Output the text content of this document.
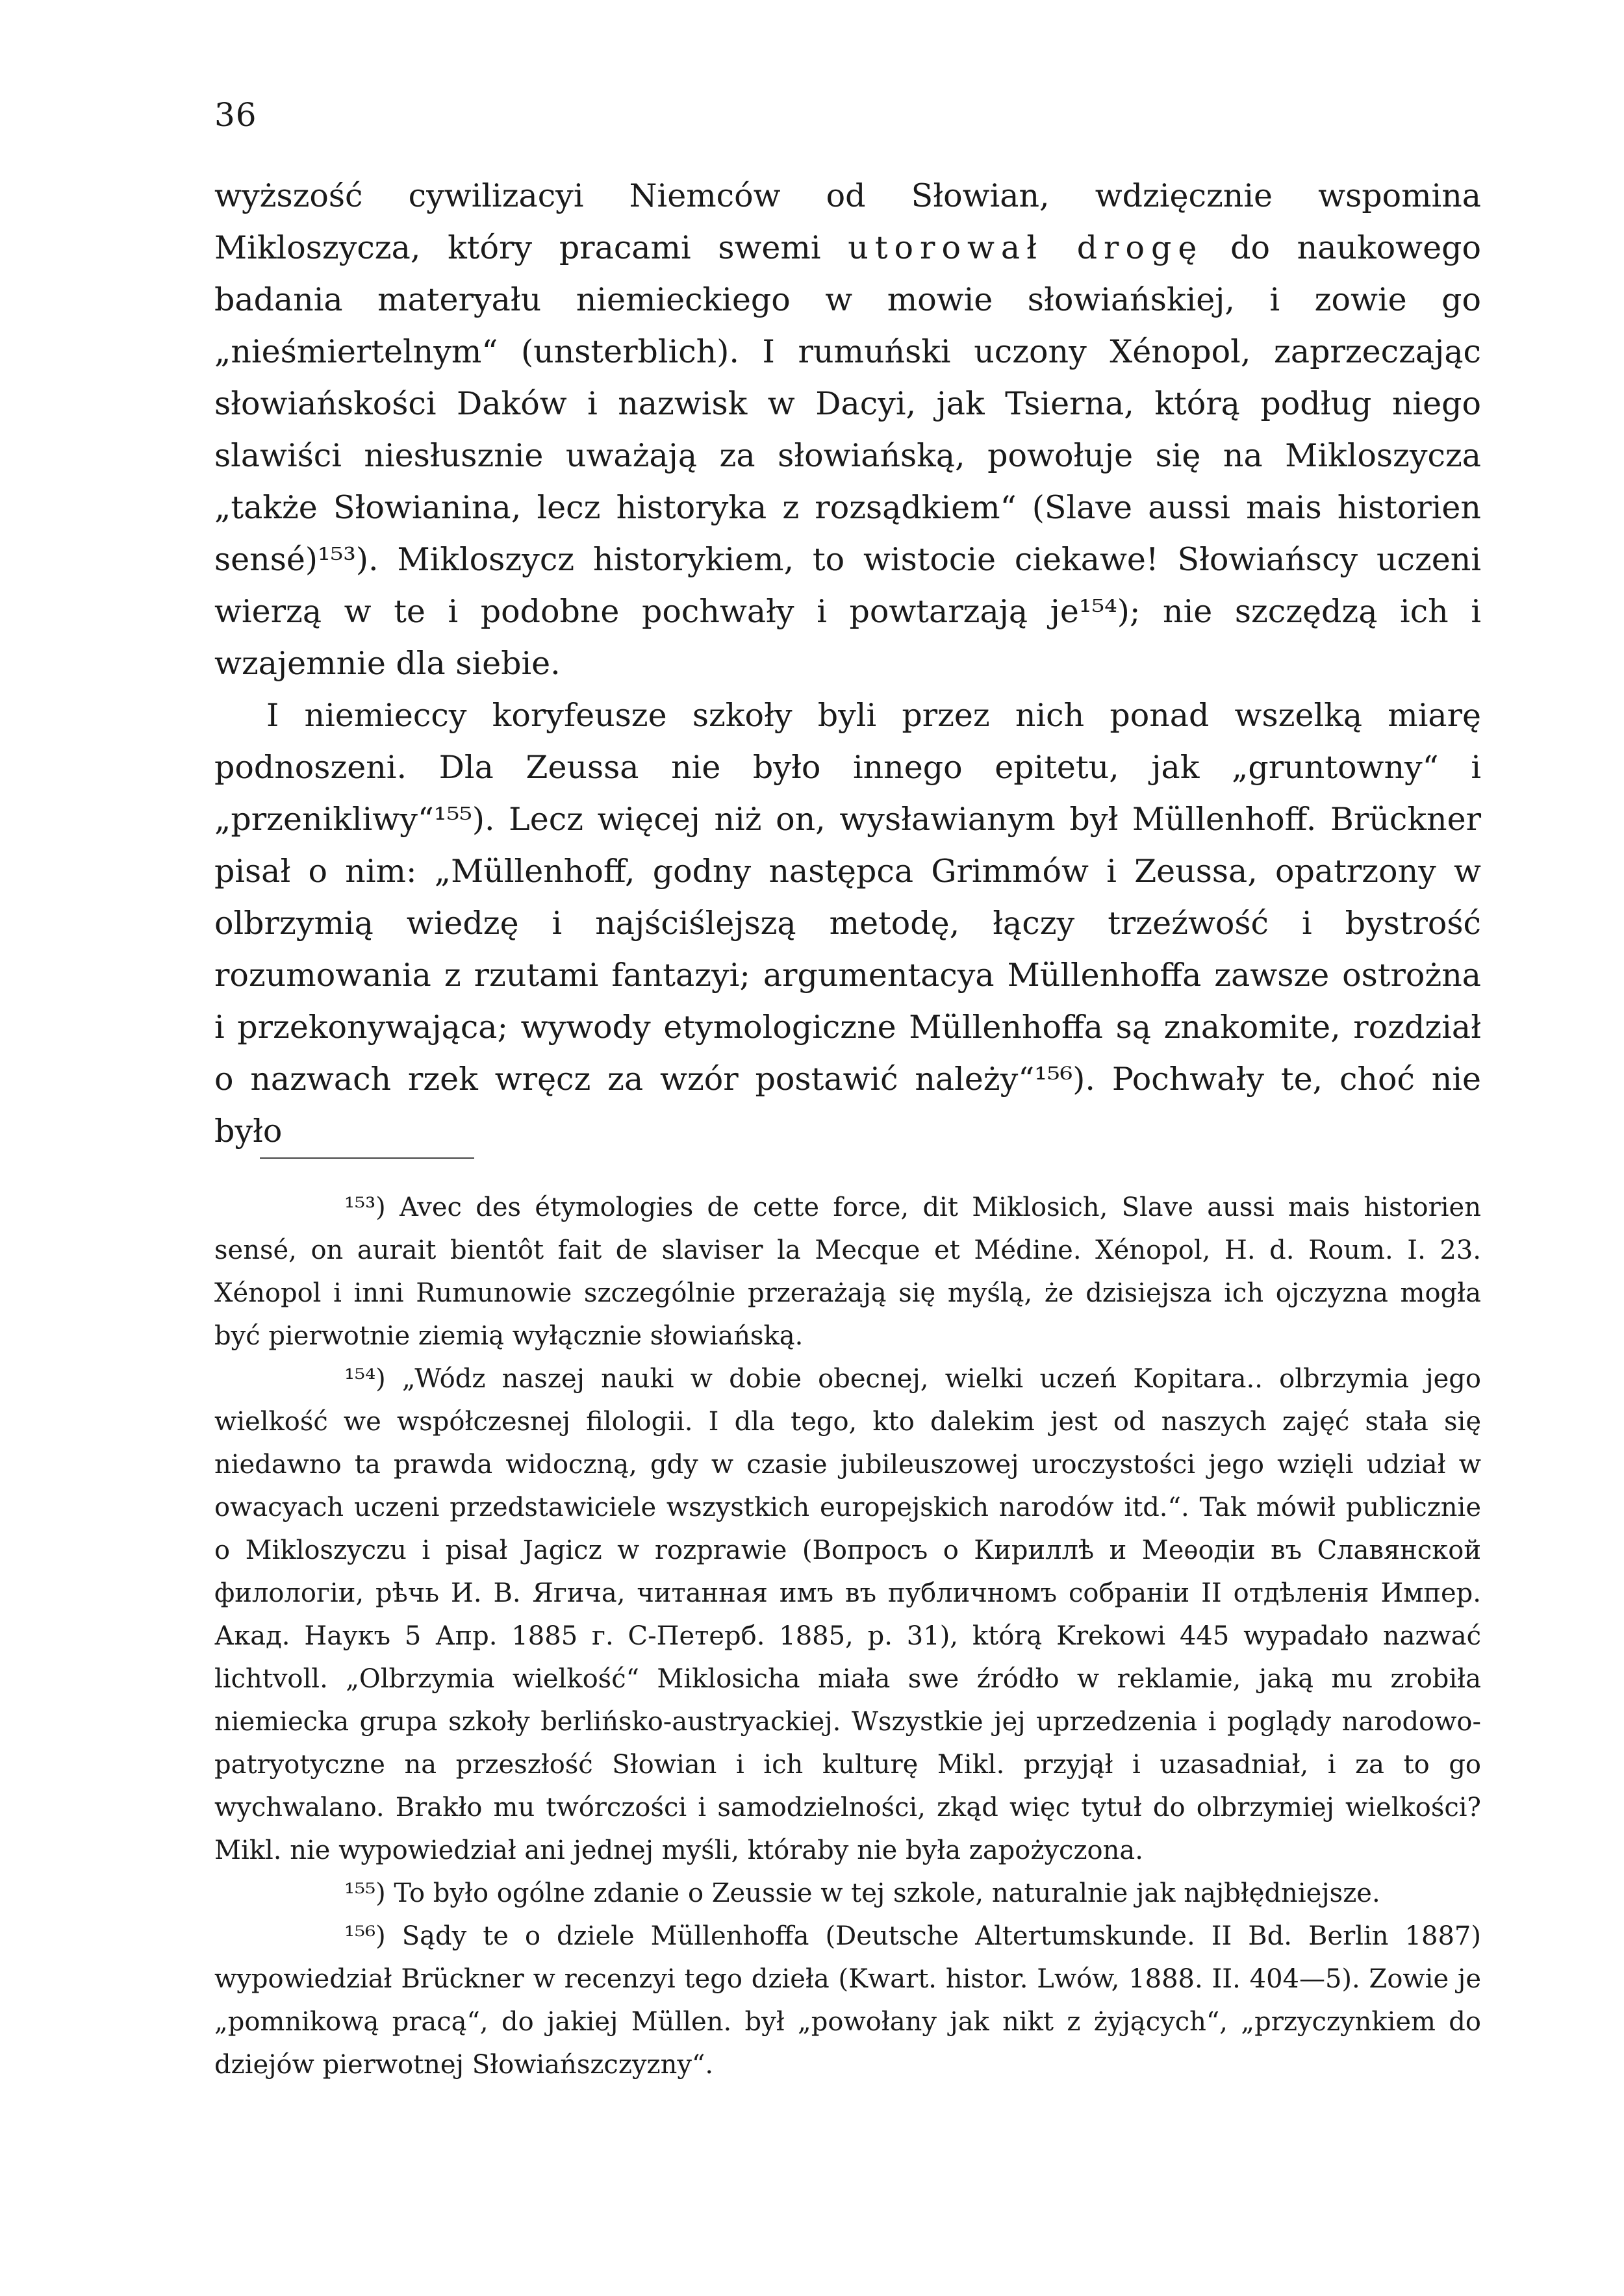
36

wyższość cywilizacyi Niemców od Słowian, wdzięcznie wspomina Mikloszycza, który pracami swemi utorował drogę do naukowego badania materyału niemieckiego w mowie słowiańskiej, i zowie go „nieśmiertelnym“ (unsterblich). I rumuński uczony Xénopol, zaprzeczając słowiańskości Daków i nazwisk w Dacyi, jak Tsierna, którą podług niego slawiści niesłusznie uważają za słowiańską, powołuje się na Mikloszycza „także Słowianina, lecz historyka z rozsądkiem“ (Slave aussi mais historien sensé)¹⁵³). Mikloszycz historykiem, to wistocie ciekawe! Słowiańscy uczeni wierzą w te i podobne pochwały i powtarzają je¹⁵⁴); nie szczędzą ich i wzajemnie dla siebie.

I niemieccy koryfeusze szkoły byli przez nich ponad wszelką miarę podnoszeni. Dla Zeussa nie było innego epitetu, jak „gruntowny“ i „przenikliwy“¹⁵⁵). Lecz więcej niż on, wysławianym był Müllenhoff. Brückner pisał o nim: „Müllenhoff, godny następca Grimmów i Zeussa, opatrzony w olbrzymią wiedzę i najściślejszą metodę, łączy trzeźwość i bystrość rozumowania z rzutami fantazyi; argumentacya Müllenhoffa zawsze ostrożna i przekonywająca; wywody etymologiczne Müllenhoffa są znakomite, rozdział o nazwach rzek wręcz za wzór postawić należy“¹⁵⁶). Pochwały te, choć nie było

¹⁵³) Avec des étymologies de cette force, dit Miklosich, Slave aussi mais historien sensé, on aurait bientôt fait de slaviser la Mecque et Médine. Xénopol, H. d. Roum. I. 23. Xénopol i inni Rumunowie szczególnie przerażają się myślą, że dzisiejsza ich ojczyzna mogła być pierwotnie ziemią wyłącznie słowiańską.

¹⁵⁴) „Wódz naszej nauki w dobie obecnej, wielki uczeń Kopitara.. olbrzymia jego wielkość we współczesnej filologii. I dla tego, kto dalekim jest od naszych zajęć stała się niedawno ta prawda widoczną, gdy w czasie jubileuszowej uroczystości jego wzięli udział w owacyach uczeni przedstawiciele wszystkich europejskich narodów itd.“. Tak mówił publicznie o Mikloszyczu i pisał Jagicz w rozprawie (Вопросъ о Кириллѣ и Меѳодіи въ Славянской филологіи, рѣчь И. В. Ягича, читанная имъ въ публичномъ собраніи II отдѣленія Импер. Акад. Наукъ 5 Апр. 1885 г. С-Петерб. 1885, p. 31), którą Krekowi 445 wypadało nazwać lichtvoll. „Olbrzymia wielkość“ Miklosicha miała swe źródło w reklamie, jaką mu zrobiła niemiecka grupa szkoły berlińsko-austryackiej. Wszystkie jej uprzedzenia i poglądy narodowo-patryotyczne na przeszłość Słowian i ich kulturę Mikl. przyjął i uzasadniał, i za to go wychwalano. Brakło mu twórczości i samodzielności, zkąd więc tytuł do olbrzymiej wielkości? Mikl. nie wypowiedział ani jednej myśli, któraby nie była zapożyczona.

¹⁵⁵) To było ogólne zdanie o Zeussie w tej szkole, naturalnie jak najbłędniejsze.

¹⁵⁶) Sądy te o dziele Müllenhoffa (Deutsche Altertumskunde. II Bd. Berlin 1887) wypowiedział Brückner w recenzyi tego dzieła (Kwart. histor. Lwów, 1888. II. 404—5). Zowie je „pomnikową pracą“, do jakiej Müllen. był „powołany jak nikt z żyjących“, „przyczynkiem do dziejów pierwotnej Słowiańszczyzny“.
